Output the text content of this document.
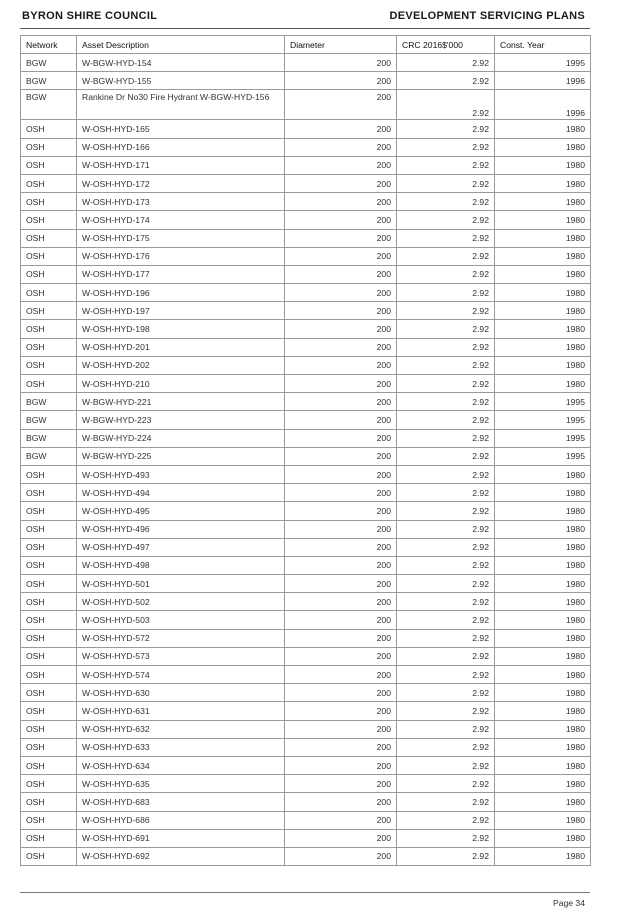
BYRON SHIRE COUNCIL	DEVELOPMENT SERVICING PLANS
Network	Asset Description	Diameter	CRC 2016$'000	Const. Year
BGW	W-BGW-HYD-154	200	2.92	1995
BGW	W-BGW-HYD-155	200	2.92	1996
BGW	Rankine Dr No30 Fire Hydrant W-BGW-HYD-156	200	2.92	1996
OSH	W-OSH-HYD-165	200	2.92	1980
OSH	W-OSH-HYD-166	200	2.92	1980
OSH	W-OSH-HYD-171	200	2.92	1980
OSH	W-OSH-HYD-172	200	2.92	1980
OSH	W-OSH-HYD-173	200	2.92	1980
OSH	W-OSH-HYD-174	200	2.92	1980
OSH	W-OSH-HYD-175	200	2.92	1980
OSH	W-OSH-HYD-176	200	2.92	1980
OSH	W-OSH-HYD-177	200	2.92	1980
OSH	W-OSH-HYD-196	200	2.92	1980
OSH	W-OSH-HYD-197	200	2.92	1980
OSH	W-OSH-HYD-198	200	2.92	1980
OSH	W-OSH-HYD-201	200	2.92	1980
OSH	W-OSH-HYD-202	200	2.92	1980
OSH	W-OSH-HYD-210	200	2.92	1980
BGW	W-BGW-HYD-221	200	2.92	1995
BGW	W-BGW-HYD-223	200	2.92	1995
BGW	W-BGW-HYD-224	200	2.92	1995
BGW	W-BGW-HYD-225	200	2.92	1995
OSH	W-OSH-HYD-493	200	2.92	1980
OSH	W-OSH-HYD-494	200	2.92	1980
OSH	W-OSH-HYD-495	200	2.92	1980
OSH	W-OSH-HYD-496	200	2.92	1980
OSH	W-OSH-HYD-497	200	2.92	1980
OSH	W-OSH-HYD-498	200	2.92	1980
OSH	W-OSH-HYD-501	200	2.92	1980
OSH	W-OSH-HYD-502	200	2.92	1980
OSH	W-OSH-HYD-503	200	2.92	1980
OSH	W-OSH-HYD-572	200	2.92	1980
OSH	W-OSH-HYD-573	200	2.92	1980
OSH	W-OSH-HYD-574	200	2.92	1980
OSH	W-OSH-HYD-630	200	2.92	1980
OSH	W-OSH-HYD-631	200	2.92	1980
OSH	W-OSH-HYD-632	200	2.92	1980
OSH	W-OSH-HYD-633	200	2.92	1980
OSH	W-OSH-HYD-634	200	2.92	1980
OSH	W-OSH-HYD-635	200	2.92	1980
OSH	W-OSH-HYD-683	200	2.92	1980
OSH	W-OSH-HYD-686	200	2.92	1980
OSH	W-OSH-HYD-691	200	2.92	1980
OSH	W-OSH-HYD-692	200	2.92	1980
Page 34
